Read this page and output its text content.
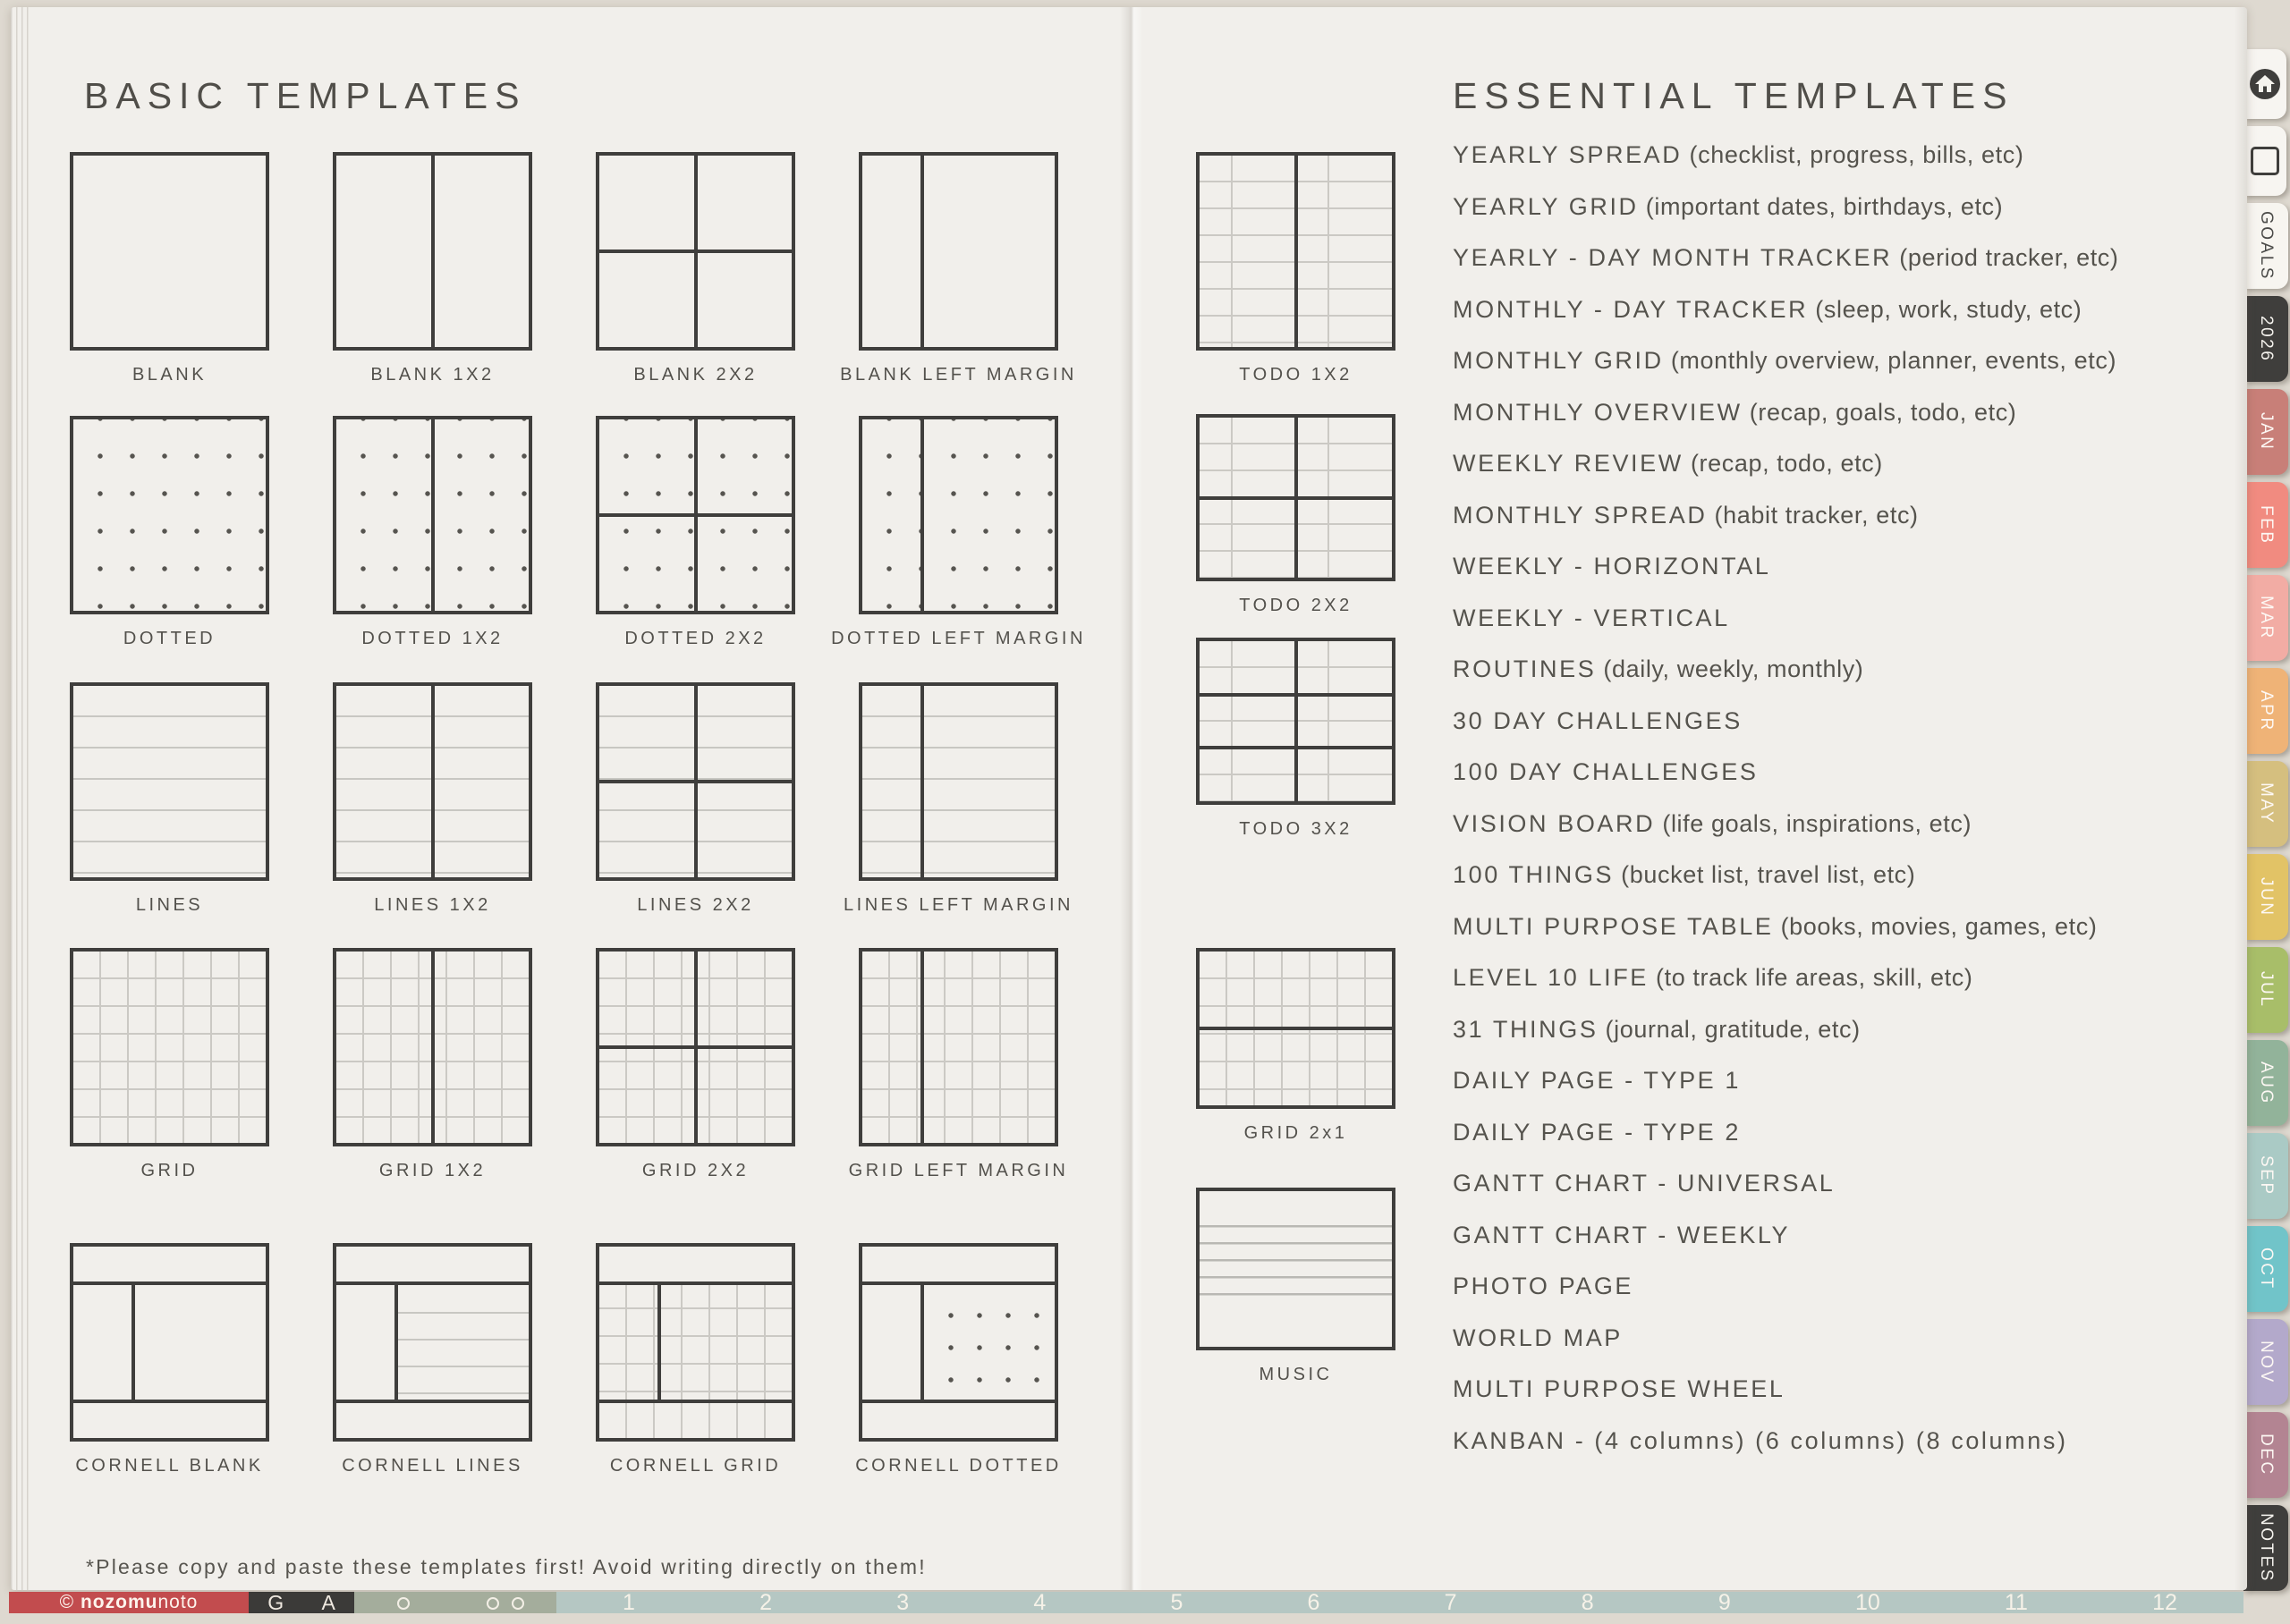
BASIC TEMPLATES	ESSENTIAL TEMPLATES
BLANK	BLANK 1X2	BLANK 2X2	BLANK LEFT MARGIN
DOTTED	DOTTED 1X2	DOTTED 2X2	DOTTED LEFT MARGIN
LINES	LINES 1X2	LINES 2X2	LINES LEFT MARGIN
GRID	GRID 1X2	GRID 2X2	GRID LEFT MARGIN
CORNELL BLANK	CORNELL LINES	CORNELL GRID	CORNELL DOTTED
TODO 1X2
TODO 2X2
TODO 3X2
GRID 2x1
MUSIC
YEARLY SPREAD (checklist, progress, bills, etc)
YEARLY GRID (important dates, birthdays, etc)
YEARLY - DAY MONTH TRACKER (period tracker, etc)
MONTHLY - DAY TRACKER (sleep, work, study, etc)
MONTHLY GRID (monthly overview, planner, events, etc)
MONTHLY OVERVIEW (recap, goals, todo, etc)
WEEKLY REVIEW (recap, todo, etc)
MONTHLY SPREAD (habit tracker, etc)
WEEKLY - HORIZONTAL
WEEKLY - VERTICAL
ROUTINES (daily, weekly, monthly)
30 DAY CHALLENGES
100 DAY CHALLENGES
VISION BOARD (life goals, inspirations, etc)
100 THINGS (bucket list, travel list, etc)
MULTI PURPOSE TABLE (books, movies, games, etc)
LEVEL 10 LIFE (to track life areas, skill, etc)
31 THINGS (journal, gratitude, etc)
DAILY PAGE - TYPE 1
DAILY PAGE - TYPE 2
GANTT CHART - UNIVERSAL
GANTT CHART - WEEKLY
PHOTO PAGE
WORLD MAP
MULTI PURPOSE WHEEL
KANBAN - (4 columns) (6 columns) (8 columns)
*Please copy and paste these templates first! Avoid writing directly on them!
©
nozomu noto	G A	1	2	3	4	5	6	7	8	9	10	11	12
GOALS
2026
JAN
FEB
MAR
APR
MAY
JUN
JUL
AUG
SEP
OCT
NOV
DEC
NOTES
